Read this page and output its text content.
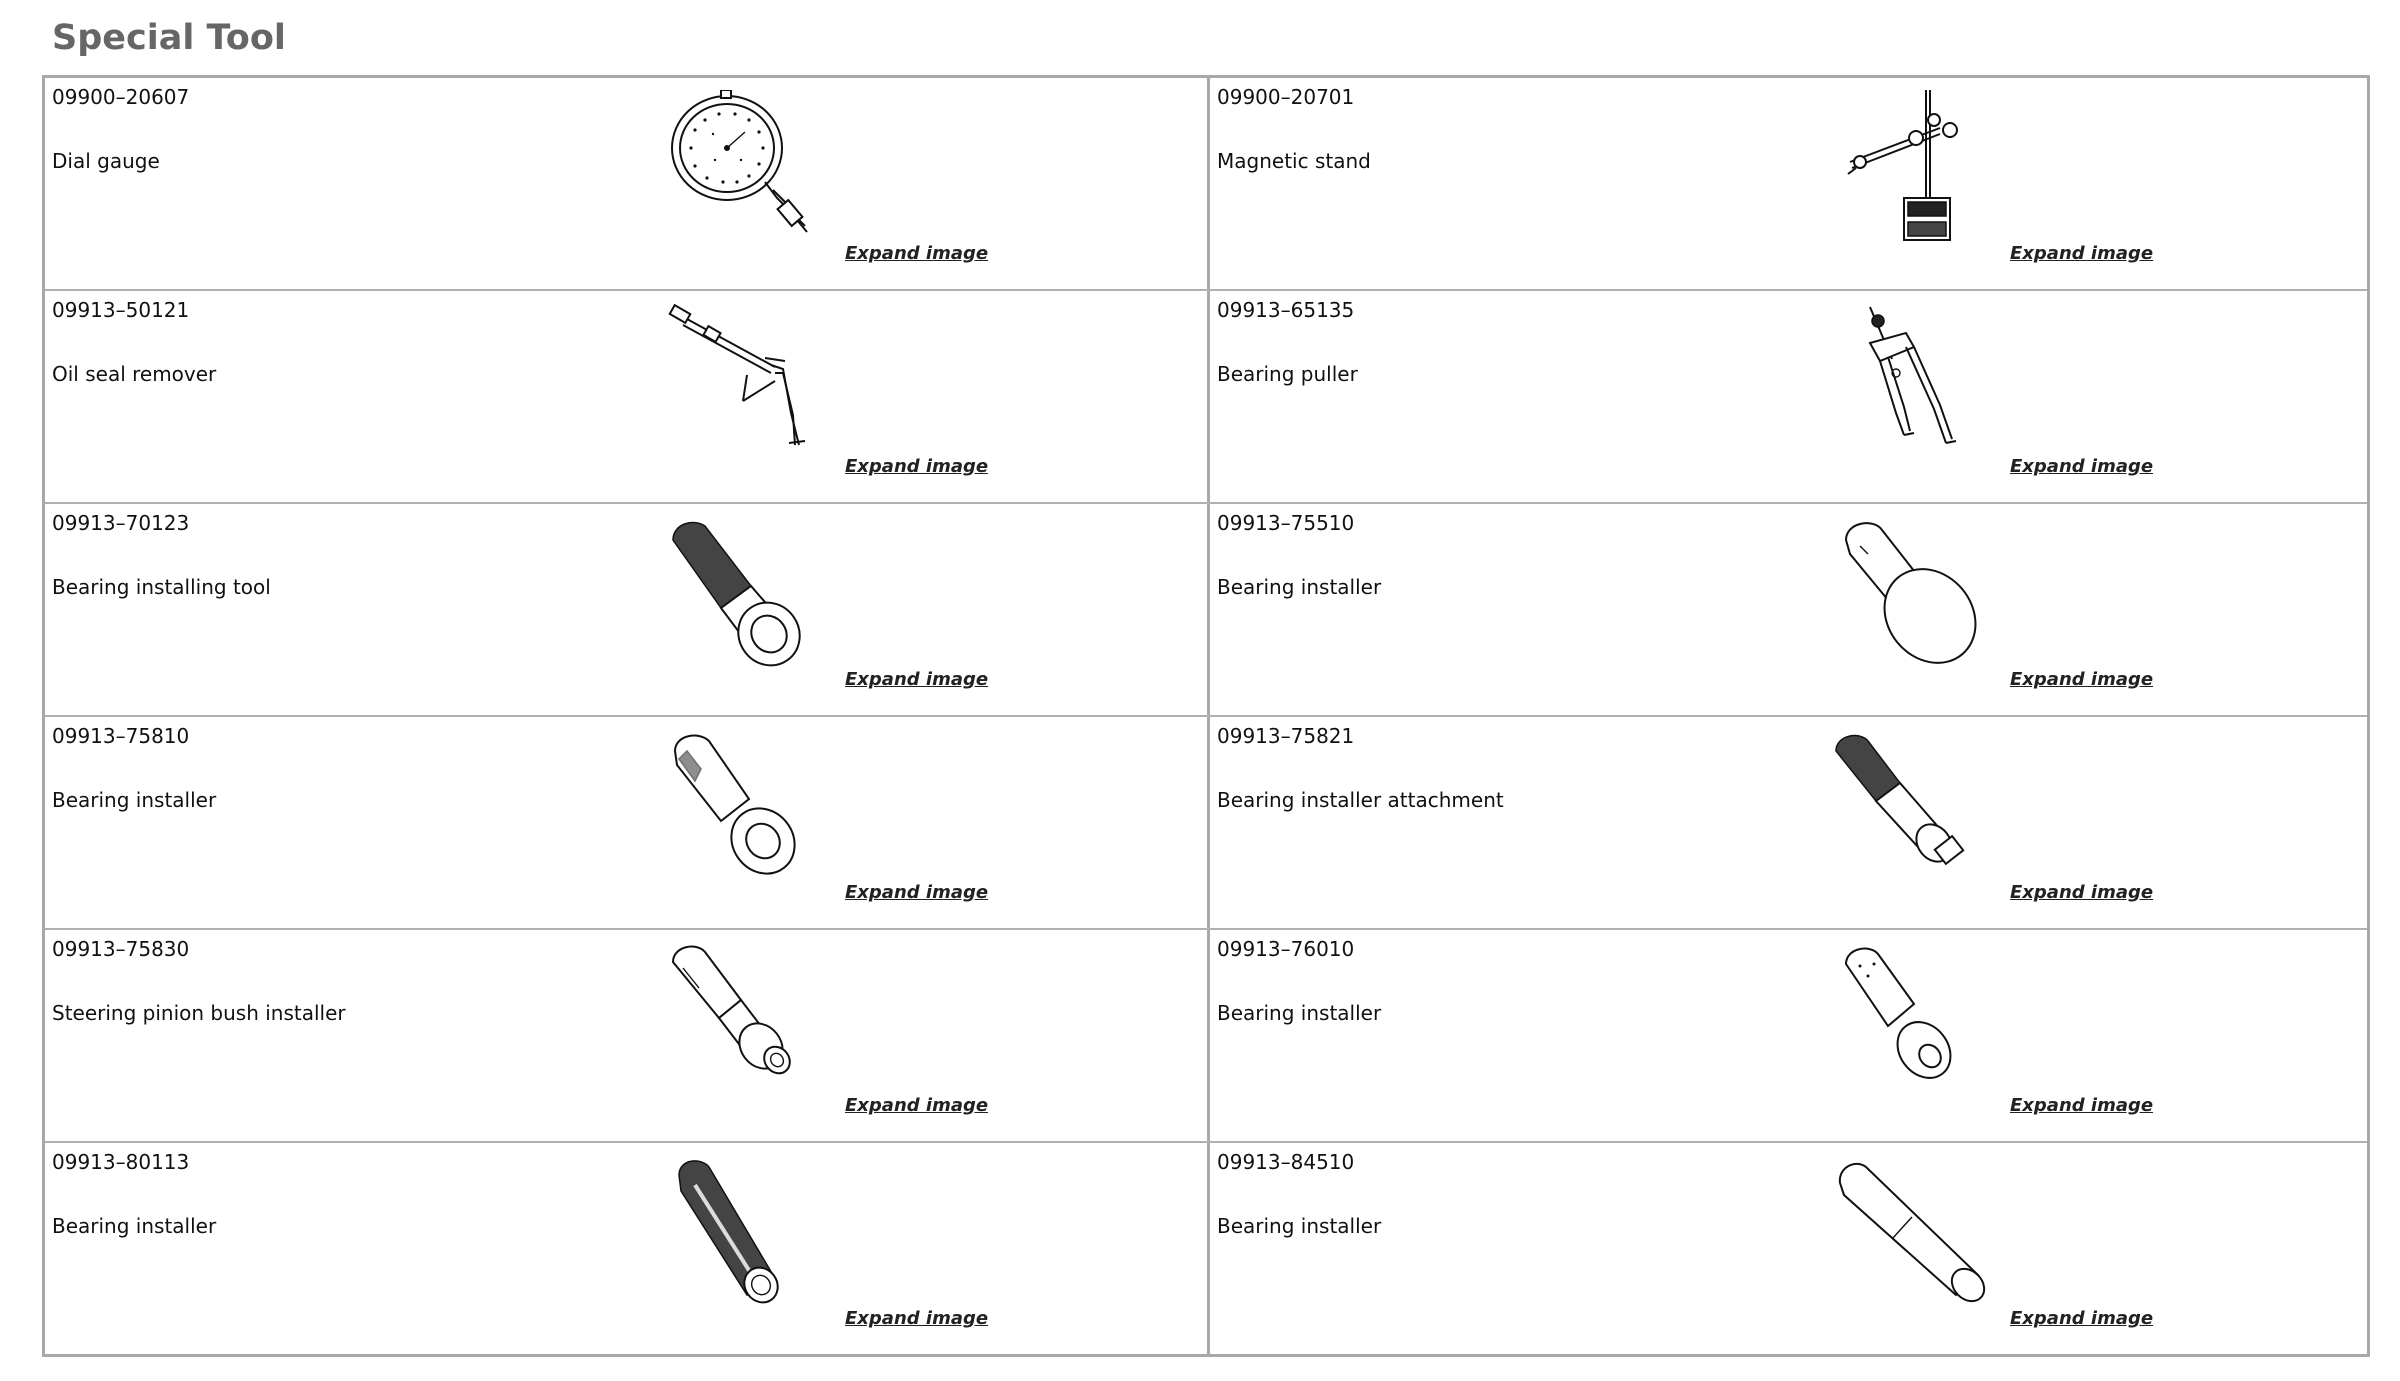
Special Tool
09900–20607
Dial gauge
Expand image
09900–20701
Magnetic stand
Expand image
09913–50121
Oil seal remover
Expand image
09913–65135
Bearing puller
Expand image
09913–70123
Bearing installing tool
Expand image
09913–75510
Bearing installer
Expand image
09913–75810
Bearing installer
Expand image
09913–75821
Bearing installer attachment
Expand image
09913–75830
Steering pinion bush installer
Expand image
09913–76010
Bearing installer
Expand image
09913–80113
Bearing installer
Expand image
09913–84510
Bearing installer
Expand image
